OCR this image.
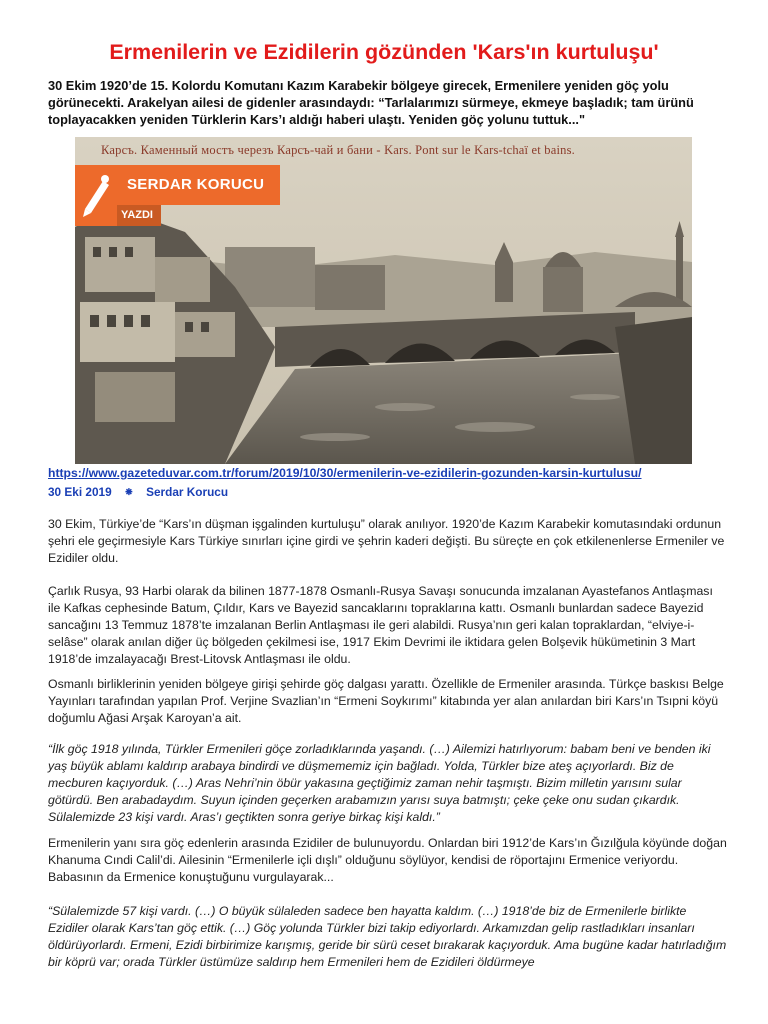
Ermenilerin ve Ezidilerin gözünden 'Kars'ın kurtuluşu'

30 Ekim 1920’de 15. Kolordu Komutanı Kazım Karabekir bölgeye girecek, Ermenilere yeniden göç yolu görünecekti. Arakelyan ailesi de gidenler arasındaydı: “Tarlalarımızı sürmeye, ekmeye başladık; tam ürünü toplayacakken yeniden Türklerin Kars’ı aldığı haberi ulaştı. Yeniden göç yolunu tuttuk..."

Карсъ. Каменный мостъ черезъ Карсъ-чай и бани - Kars. Pont sur le Kars-tchaï et bains.
SERDAR KORUCU
YAZDI
https://www.gazeteduvar.com.tr/forum/2019/10/30/ermenilerin-ve-ezidilerin-gozunden-karsin-kurtulusu/
30 Eki 2019 ⁕ Serdar Korucu

30 Ekim, Türkiye’de “Kars’ın düşman işgalinden kurtuluşu” olarak anılıyor. 1920’de Kazım Karabekir komutasındaki ordunun şehri ele geçirmesiyle Kars Türkiye sınırları içine girdi ve şehrin kaderi değişti. Bu süreçte en çok etkilenenlerse Ermeniler ve Ezidiler oldu.

Çarlık Rusya, 93 Harbi olarak da bilinen 1877-1878 Osmanlı-Rusya Savaşı sonucunda imzalanan Ayastefanos Antlaşması ile Kafkas cephesinde Batum, Çıldır, Kars ve Bayezid sancaklarını topraklarına kattı. Osmanlı bunlardan sadece Bayezid sancağını 13 Temmuz 1878’te imzalanan Berlin Antlaşması ile geri alabildi. Rusya’nın geri kalan topraklardan, “elviye-i-selâse” olarak anılan diğer üç bölgeden çekilmesi ise, 1917 Ekim Devrimi ile iktidara gelen Bolşevik hükümetinin 3 Mart 1918’de imzalayacağı Brest-Litovsk Antlaşması ile oldu.

Osmanlı birliklerinin yeniden bölgeye girişi şehirde göç dalgası yarattı. Özellikle de Ermeniler arasında. Türkçe baskısı Belge Yayınları tarafından yapılan Prof. Verjine Svazlian’ın “Ermeni Soykırımı” kitabında yer alan anılardan biri Kars’ın Tsıpni köyü doğumlu Ağasi Arşak Karoyan’a ait.

“İlk göç 1918 yılında, Türkler Ermenileri göçe zorladıklarında yaşandı. (…) Ailemizi hatırlıyorum: babam beni ve benden iki yaş büyük ablamı kaldırıp arabaya bindirdi ve düşmememiz için bağladı. Yolda, Türkler bize ateş açıyorlardı. Biz de mecburen kaçıyorduk. (…) Aras Nehri’nin öbür yakasına geçtiğimiz zaman nehir taşmıştı. Bizim milletin yarısını sular götürdü. Ben arabadaydım. Suyun içinden geçerken arabamızın yarısı suya batmıştı; çeke çeke onu sudan çıkardık. Sülalemizde 23 kişi vardı. Aras’ı geçtikten sonra geriye birkaç kişi kaldı.”

Ermenilerin yanı sıra göç edenlerin arasında Ezidiler de bulunuyordu. Onlardan biri 1912’de Kars’ın Ğızılğula köyünde doğan Khanuma Cındi Calil’di. Ailesinin “Ermenilerle içli dışlı” olduğunu söylüyor, kendisi de röportajını Ermenice veriyordu. Babasının da Ermenice konuştuğunu vurgulayarak...

“Sülalemizde 57 kişi vardı. (…) O büyük sülaleden sadece ben hayatta kaldım. (…) 1918’de biz de Ermenilerle birlikte Ezidiler olarak Kars’tan göç ettik. (…) Göç yolunda Türkler bizi takip ediyorlardı. Arkamızdan gelip rastladıkları insanları öldürüyorlardı. Ermeni, Ezidi birbirimize karışmış, geride bir sürü ceset bırakarak kaçıyorduk. Ama bugüne kadar hatırladığım bir köprü var; orada Türkler üstümüze saldırıp hem Ermenileri hem de Ezidileri öldürmeye
